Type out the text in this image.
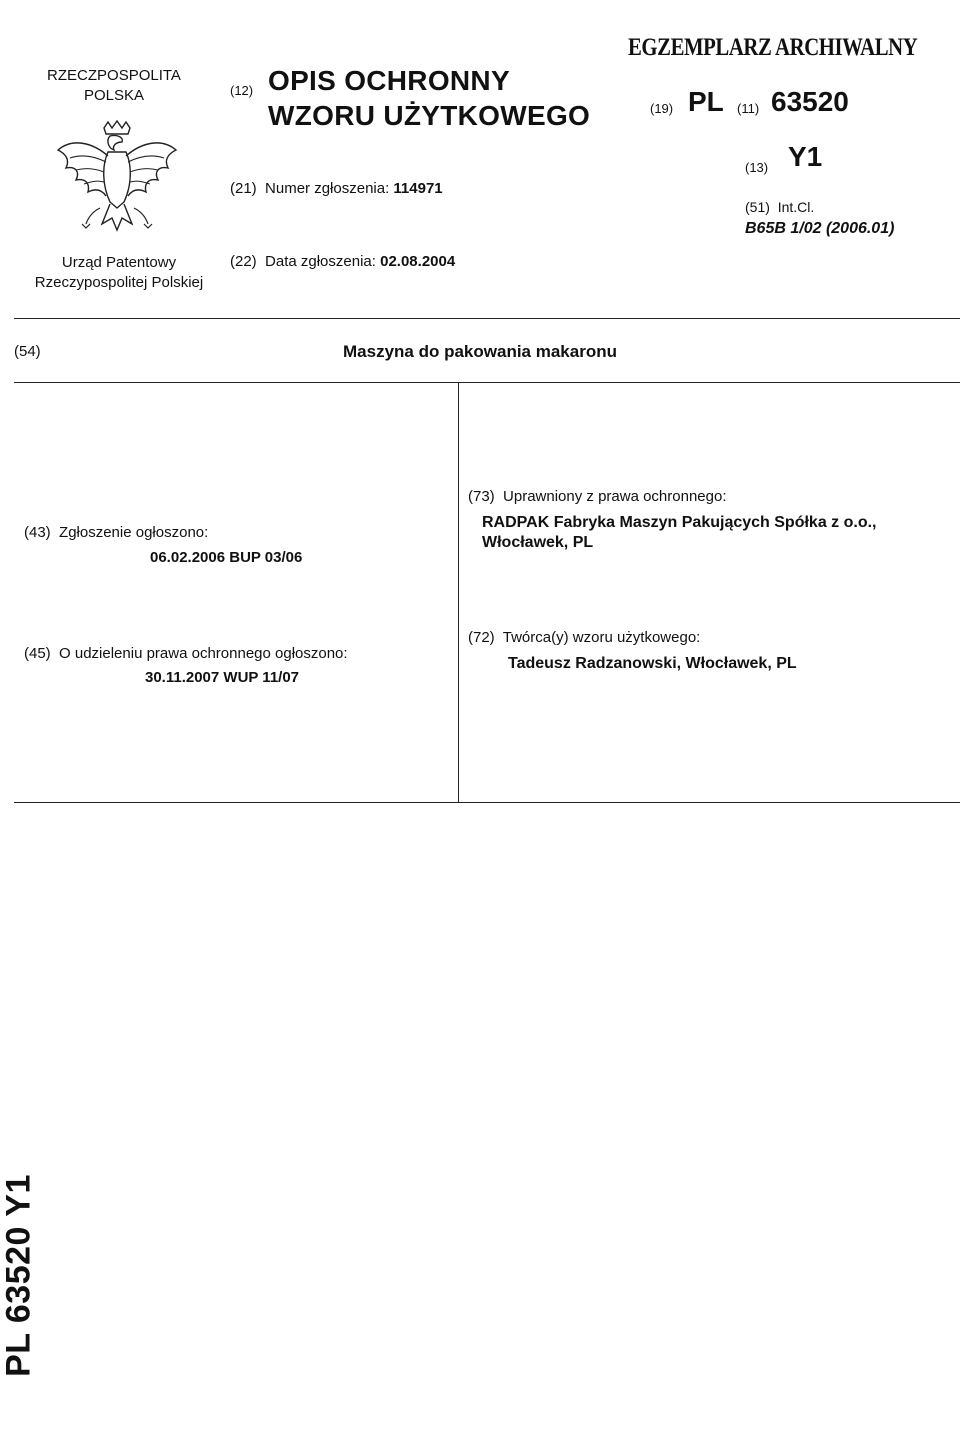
RZECZPOSPOLITA POLSKA
Urząd Patentowy Rzeczypospolitej Polskiej
(12) OPIS OCHRONNY
WZORU UŻYTKOWEGO
(21) Numer zgłoszenia: 114971
(22) Data zgłoszenia: 02.08.2004
EGZEMPLARZ ARCHIWALNY
(19) PL (11) 63520
(13) Y1
(51) Int.Cl.
B65B 1/02 (2006.01)
(54)	Maszyna do pakowania makaronu
(43) Zgłoszenie ogłoszono:
06.02.2006 BUP 03/06
(45) O udzieleniu prawa ochronnego ogłoszono:
30.11.2007 WUP 11/07
(73) Uprawniony z prawa ochronnego:
RADPAK Fabryka Maszyn Pakujących Spółka z o.o.,
Włocławek, PL
(72) Twórca(y) wzoru użytkowego:
Tadeusz Radzanowski, Włocławek, PL
PL 63520 Y1
